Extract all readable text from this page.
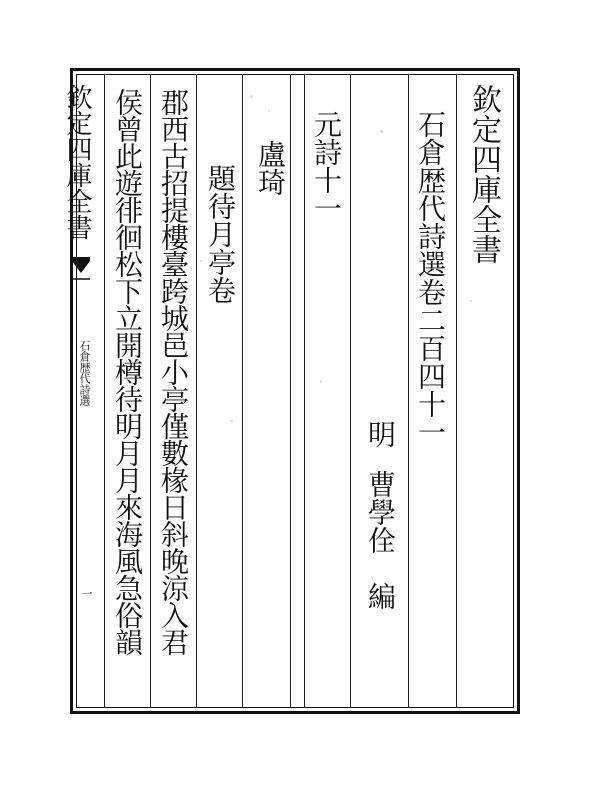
欽定四庫全書
石倉歴代詩選卷二百四十一
明
曹學佺　編
元詩十一
盧琦
題待月亭卷
郡西古招提樓臺跨城邑小亭僅數椽日斜晚涼入君
侯曾此遊徘徊松下立開樽待明月月來海風急俗韻
欽定四庫全書
石倉歴代詩選
一
